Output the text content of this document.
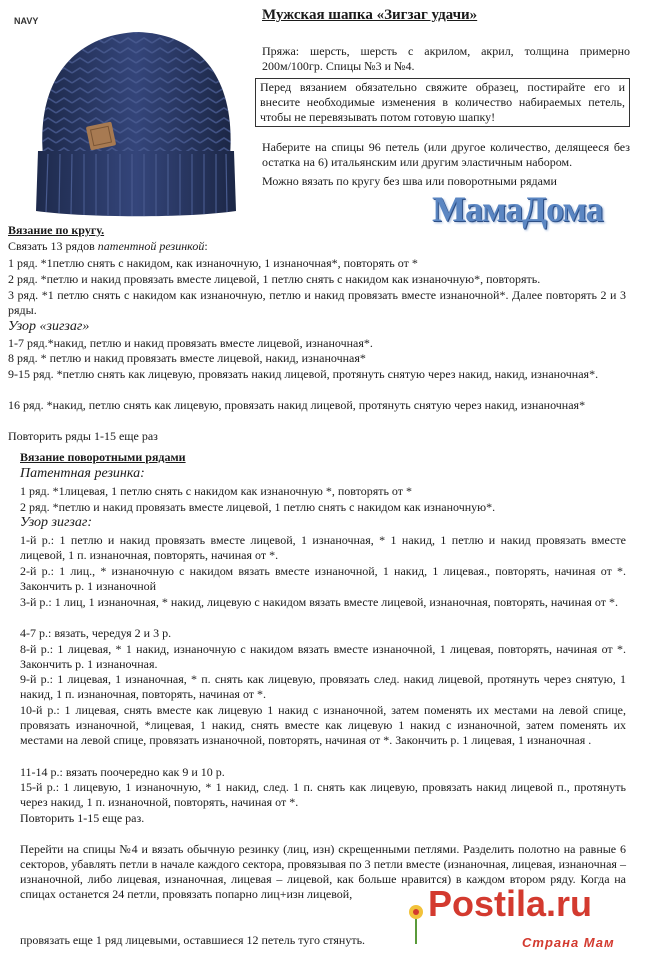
NAVY	Мужская шапка «Зигзаг удачи»
Пряжа: шерсть, шерсть с акрилом, акрил, толщина примерно 200м/100гр. Спицы №3 и №4.
Перед вязанием обязательно свяжите образец, постирайте его и внесите необходимые изменения в количество набираемых петель, чтобы не перевязывать потом готовую шапку!
Наберите на спицы 96 петель (или другое количество, делящееся без остатка на 6) итальянским или другим эластичным набором.
Можно вязать по кругу без шва или поворотными рядами
МамаДома
Вязание по кругу.
Связать 13 рядов патентной резинкой:
1 ряд. *1петлю снять с накидом, как изнаночную, 1 изнаночная*, повторять от *
2 ряд. *петлю и накид провязать вместе лицевой, 1 петлю снять с накидом как изнаночную*, повторять.
3 ряд. *1 петлю снять с накидом как изнаночную, петлю и накид провязать вместе изнаночной*. Далее повторять 2 и 3 ряды.
Узор «зигзаг»
1-7 ряд.*накид, петлю и накид провязать вместе лицевой, изнаночная*.
8 ряд. * петлю и накид провязать вместе лицевой, накид, изнаночная*
9-15 ряд. *петлю снять как лицевую, провязать накид лицевой, протянуть снятую через накид, накид, изнаночная*.
16 ряд. *накид, петлю снять как лицевую, провязать накид лицевой, протянуть снятую через накид, изнаночная*
Повторить ряды 1-15 еще раз
Вязание поворотными рядами
Патентная резинка:
1 ряд. *1лицевая, 1 петлю снять с накидом как изнаночную *, повторять от *
2 ряд. *петлю и накид провязать вместе лицевой, 1 петлю снять с накидом как изнаночную*.
Узор зигзаг:
1-й р.: 1 петлю и накид провязать вместе лицевой, 1 изнаночная, * 1 накид, 1 петлю и накид провязать вместе лицевой, 1 п. изнаночная, повторять, начиная от *.
2-й р.: 1 лиц., * изнаночную с накидом вязать вместе изнаночной, 1 накид, 1 лицевая., повторять, начиная от *. Закончить р. 1 изнаночной
3-й р.: 1 лиц, 1 изнаночная, * накид, лицевую с накидом вязать вместе лицевой, изнаночная, повторять, начиная от *.
4-7 р.: вязать, чередуя 2 и 3 р.
8-й р.: 1 лицевая, * 1 накид, изнаночную с накидом вязать вместе изнаночной, 1 лицевая, повторять, начиная от *. Закончить р. 1 изнаночная.
9-й р.: 1 лицевая, 1 изнаночная, * п. снять как лицевую, провязать след. накид лицевой, протянуть через снятую, 1 накид, 1 п. изнаночная, повторять, начиная от *.
10-й р.: 1 лицевая, снять вместе как лицевую 1 накид с изнаночной, затем поменять их местами на левой спице, провязать изнаночной, *лицевая, 1 накид, снять вместе как лицевую 1 накид с изнаночной, затем поменять их местами на левой спице, провязать изнаночной, повторять, начиная от *. Закончить р. 1 лицевая, 1 изнаночная .
11-14 р.: вязать поочередно как 9 и 10 р.
15-й р.: 1 лицевую, 1 изнаночную, * 1 накид, след. 1 п. снять как лицевую, провязать накид лицевой п., протянуть через накид, 1 п. изнаночной, повторять, начиная от *.
Повторить 1-15 еще раз.
Перейти на спицы №4 и вязать обычную резинку (лиц, изн) скрещенными петлями. Разделить полотно на равные 6 секторов, убавлять петли в начале каждого сектора, провязывая по 3 петли вместе (изнаночная, лицевая, изнаночная – изнаночной, либо лицевая, изнаночная, лицевая – лицевой, как больше нравится) в каждом втором ряду. Когда на спицах останется 24 петли, провязать попарно лиц+изн лицевой,
провязать еще 1 ряд лицевыми, оставшиеся 12 петель туго стянуть.
Postila.ru
Страна Мам
